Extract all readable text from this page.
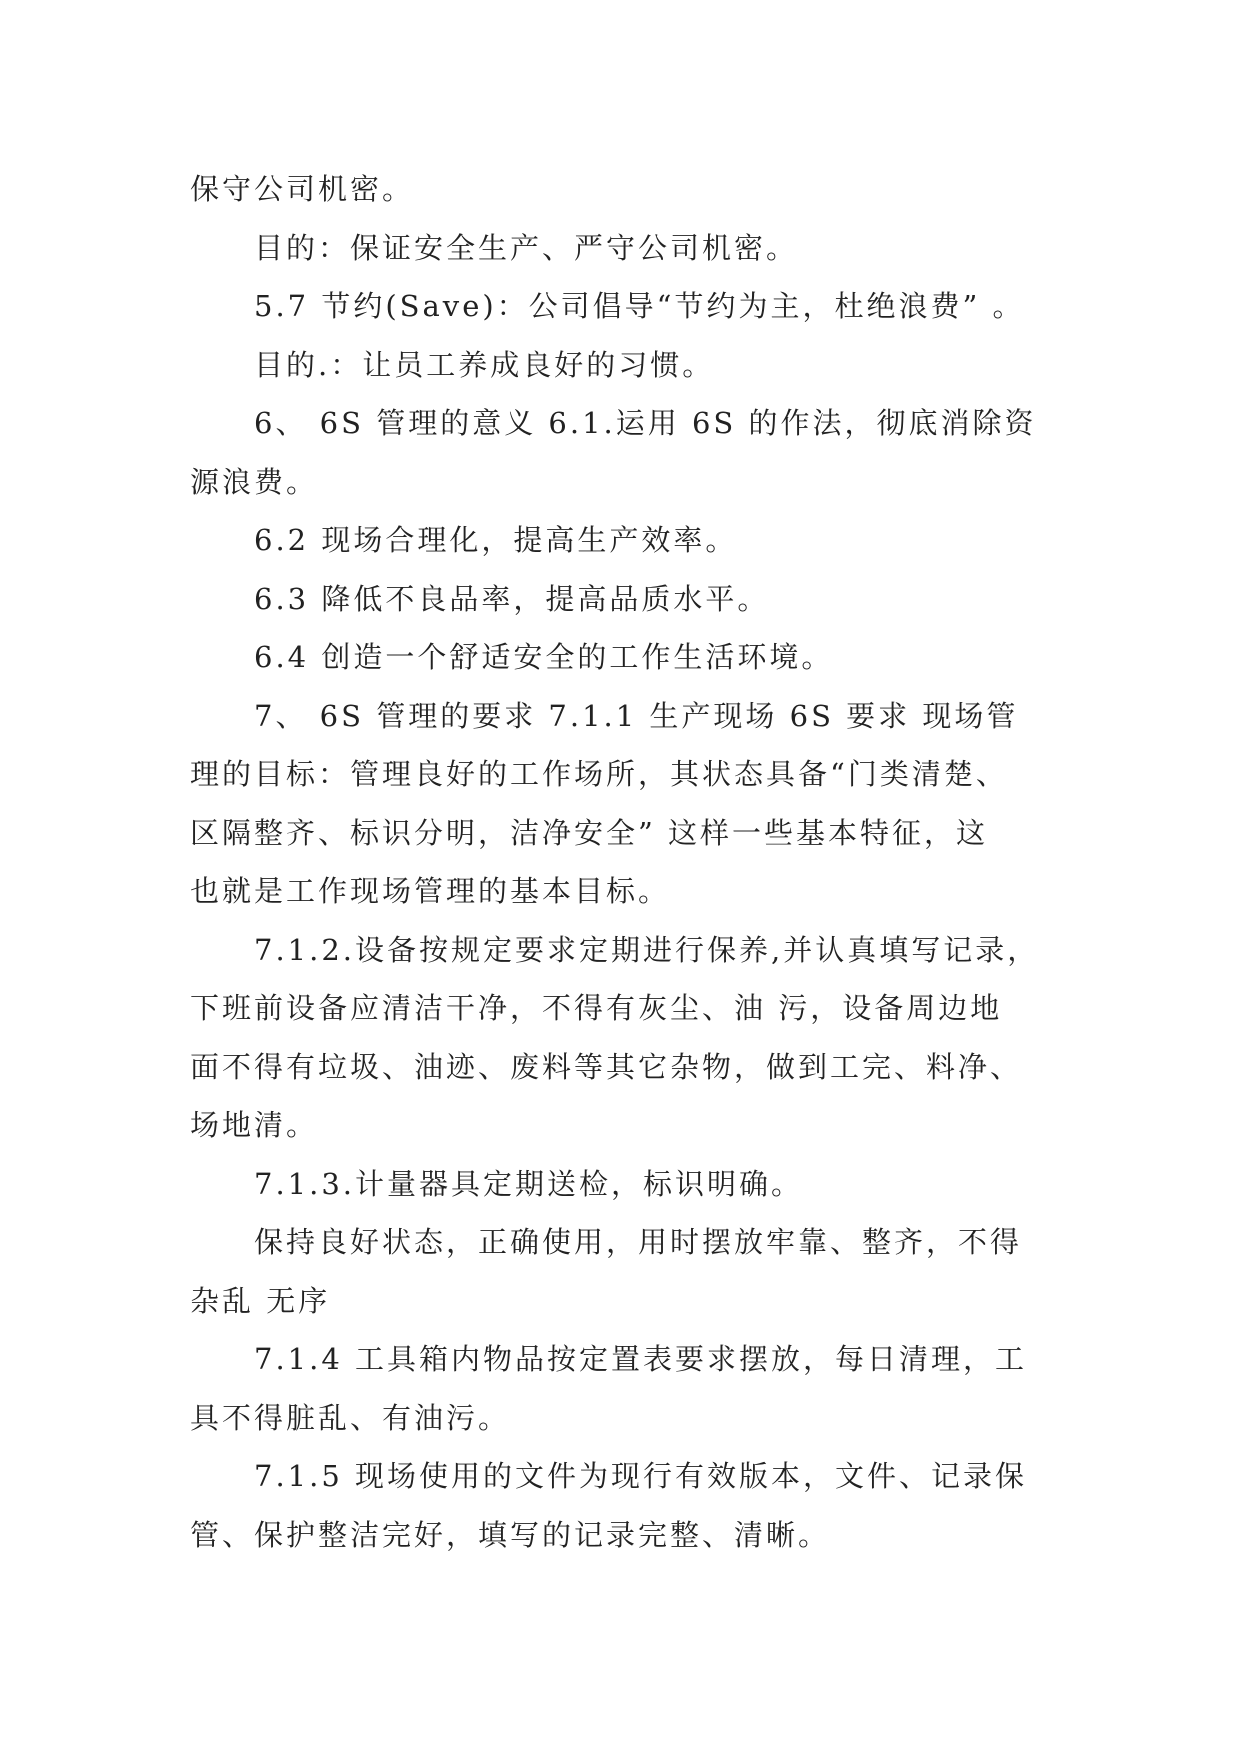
保守公司机密。
目的：保证安全生产、严守公司机密。
5.7 节约(Save)：公司倡导“节约为主，杜绝浪费” 。
目的.：让员工养成良好的习惯。
6、 6S 管理的意义 6.1.运用 6S 的作法，彻底消除资
源浪费。
6.2 现场合理化，提高生产效率。
6.3 降低不良品率，提高品质水平。
6.4 创造一个舒适安全的工作生活环境。
7、 6S 管理的要求 7.1.1 生产现场 6S 要求 现场管
理的目标：管理良好的工作场所，其状态具备“门类清楚、
区隔整齐、标识分明，洁净安全” 这样一些基本特征，这
也就是工作现场管理的基本目标。
7.1.2.设备按规定要求定期进行保养,并认真填写记录，
下班前设备应清洁干净，不得有灰尘、油 污，设备周边地
面不得有垃圾、油迹、废料等其它杂物，做到工完、料净、
场地清。
7.1.3.计量器具定期送检，标识明确。
保持良好状态，正确使用，用时摆放牢靠、整齐，不得
杂乱 无序
7.1.4 工具箱内物品按定置表要求摆放，每日清理，工
具不得脏乱、有油污。
7.1.5 现场使用的文件为现行有效版本，文件、记录保
管、保护整洁完好，填写的记录完整、清晰。
